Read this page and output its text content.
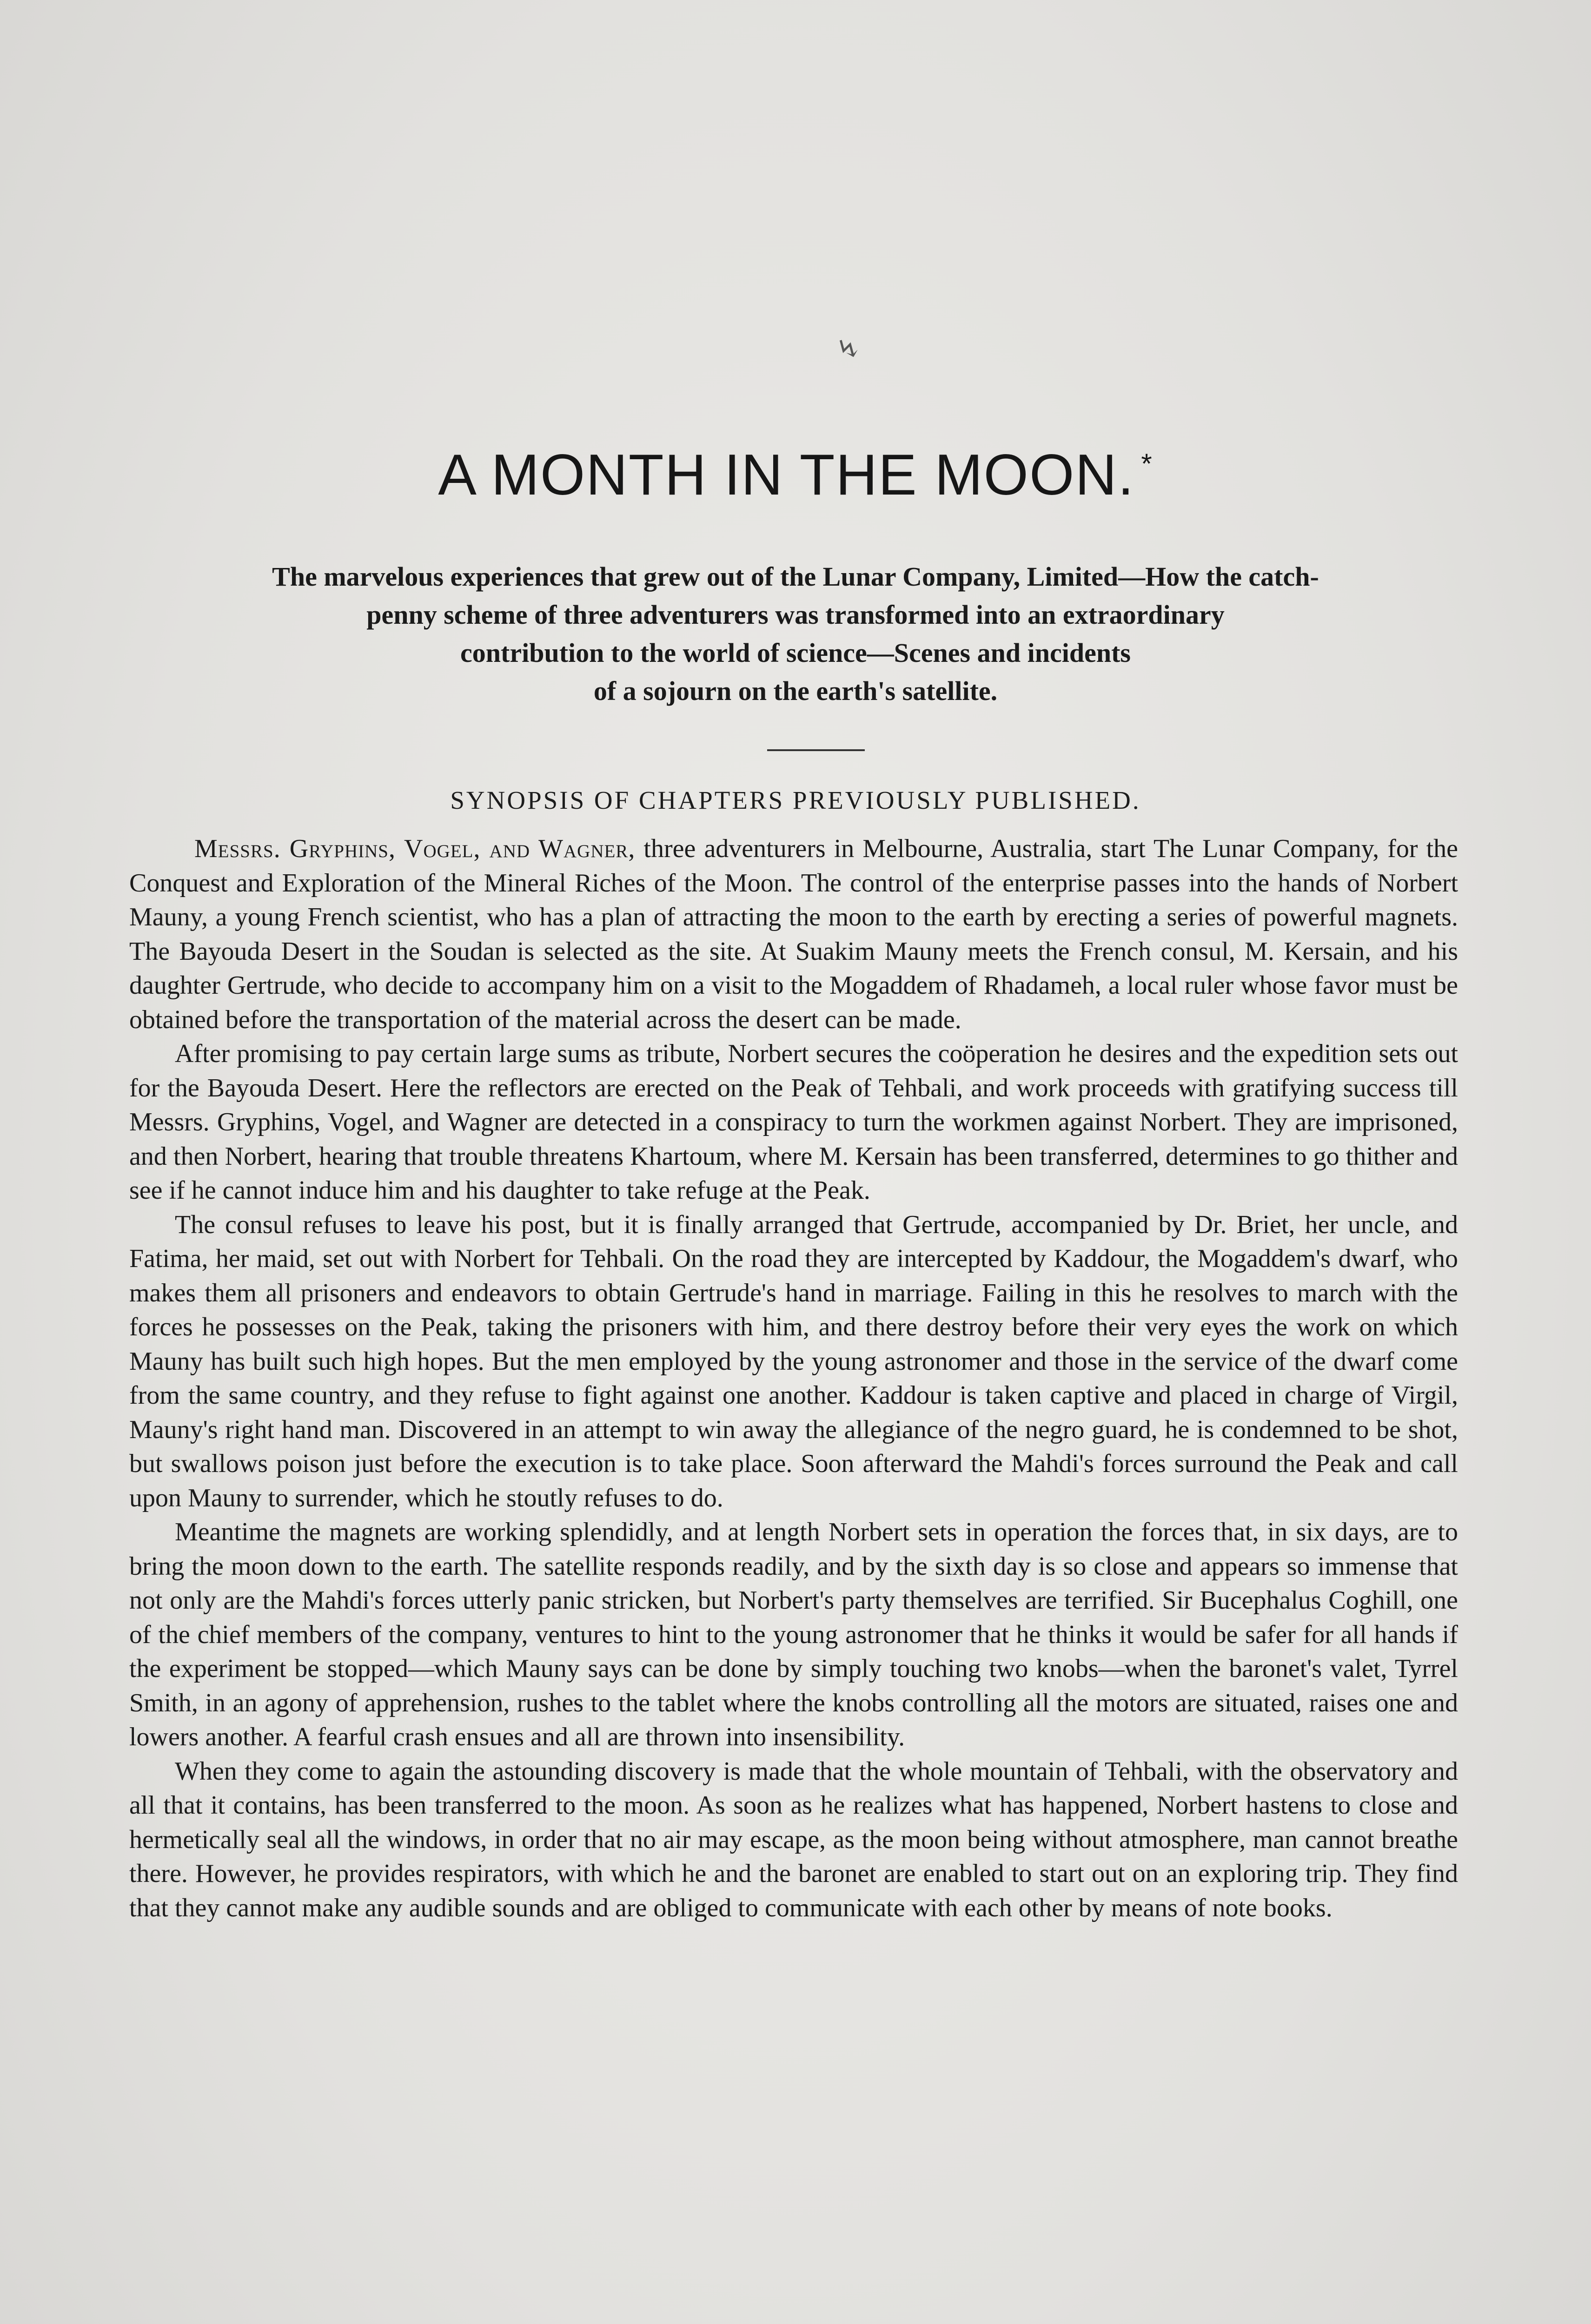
↯
A MONTH IN THE MOON. *
The marvelous experiences that grew out of the Lunar Company, Limited—How the catch-
penny scheme of three adventurers was transformed into an extraordinary
contribution to the world of science—Scenes and incidents
of a sojourn on the earth's satellite.
SYNOPSIS OF CHAPTERS PREVIOUSLY PUBLISHED.

Messrs. Gryphins, Vogel, and Wagner, three adventurers in Melbourne, Australia, start The Lunar Company, for the Conquest and Exploration of the Mineral Riches of the Moon. The control of the enterprise passes into the hands of Norbert Mauny, a young French scientist, who has a plan of attracting the moon to the earth by erecting a series of powerful magnets. The Bayouda Desert in the Soudan is selected as the site. At Suakim Mauny meets the French consul, M. Kersain, and his daughter Gertrude, who decide to accompany him on a visit to the Mogaddem of Rhadameh, a local ruler whose favor must be obtained before the transportation of the material across the desert can be made.

After promising to pay certain large sums as tribute, Norbert secures the coöperation he desires and the expedition sets out for the Bayouda Desert. Here the reflectors are erected on the Peak of Tehbali, and work proceeds with gratifying success till Messrs. Gryphins, Vogel, and Wagner are detected in a conspiracy to turn the workmen against Norbert. They are imprisoned, and then Norbert, hearing that trouble threatens Khartoum, where M. Kersain has been transferred, determines to go thither and see if he cannot induce him and his daughter to take refuge at the Peak.

The consul refuses to leave his post, but it is finally arranged that Gertrude, accompanied by Dr. Briet, her uncle, and Fatima, her maid, set out with Norbert for Tehbali. On the road they are intercepted by Kaddour, the Mogaddem's dwarf, who makes them all prisoners and endeavors to obtain Gertrude's hand in marriage. Failing in this he resolves to march with the forces he possesses on the Peak, taking the prisoners with him, and there destroy before their very eyes the work on which Mauny has built such high hopes. But the men employed by the young astronomer and those in the service of the dwarf come from the same country, and they refuse to fight against one another. Kaddour is taken captive and placed in charge of Virgil, Mauny's right hand man. Discovered in an attempt to win away the allegiance of the negro guard, he is condemned to be shot, but swallows poison just before the execution is to take place. Soon afterward the Mahdi's forces surround the Peak and call upon Mauny to surrender, which he stoutly refuses to do.

Meantime the magnets are working splendidly, and at length Norbert sets in operation the forces that, in six days, are to bring the moon down to the earth. The satellite responds readily, and by the sixth day is so close and appears so immense that not only are the Mahdi's forces utterly panic stricken, but Norbert's party themselves are terrified. Sir Bucephalus Coghill, one of the chief members of the company, ventures to hint to the young astronomer that he thinks it would be safer for all hands if the experiment be stopped—which Mauny says can be done by simply touching two knobs—when the baronet's valet, Tyrrel Smith, in an agony of apprehension, rushes to the tablet where the knobs controlling all the motors are situated, raises one and lowers another. A fearful crash ensues and all are thrown into insensibility.

When they come to again the astounding discovery is made that the whole mountain of Tehbali, with the observatory and all that it contains, has been transferred to the moon. As soon as he realizes what has happened, Norbert hastens to close and hermetically seal all the windows, in order that no air may escape, as the moon being without atmosphere, man cannot breathe there. However, he provides respirators, with which he and the baronet are enabled to start out on an exploring trip. They find that they cannot make any audible sounds and are obliged to communicate with each other by means of note books.
